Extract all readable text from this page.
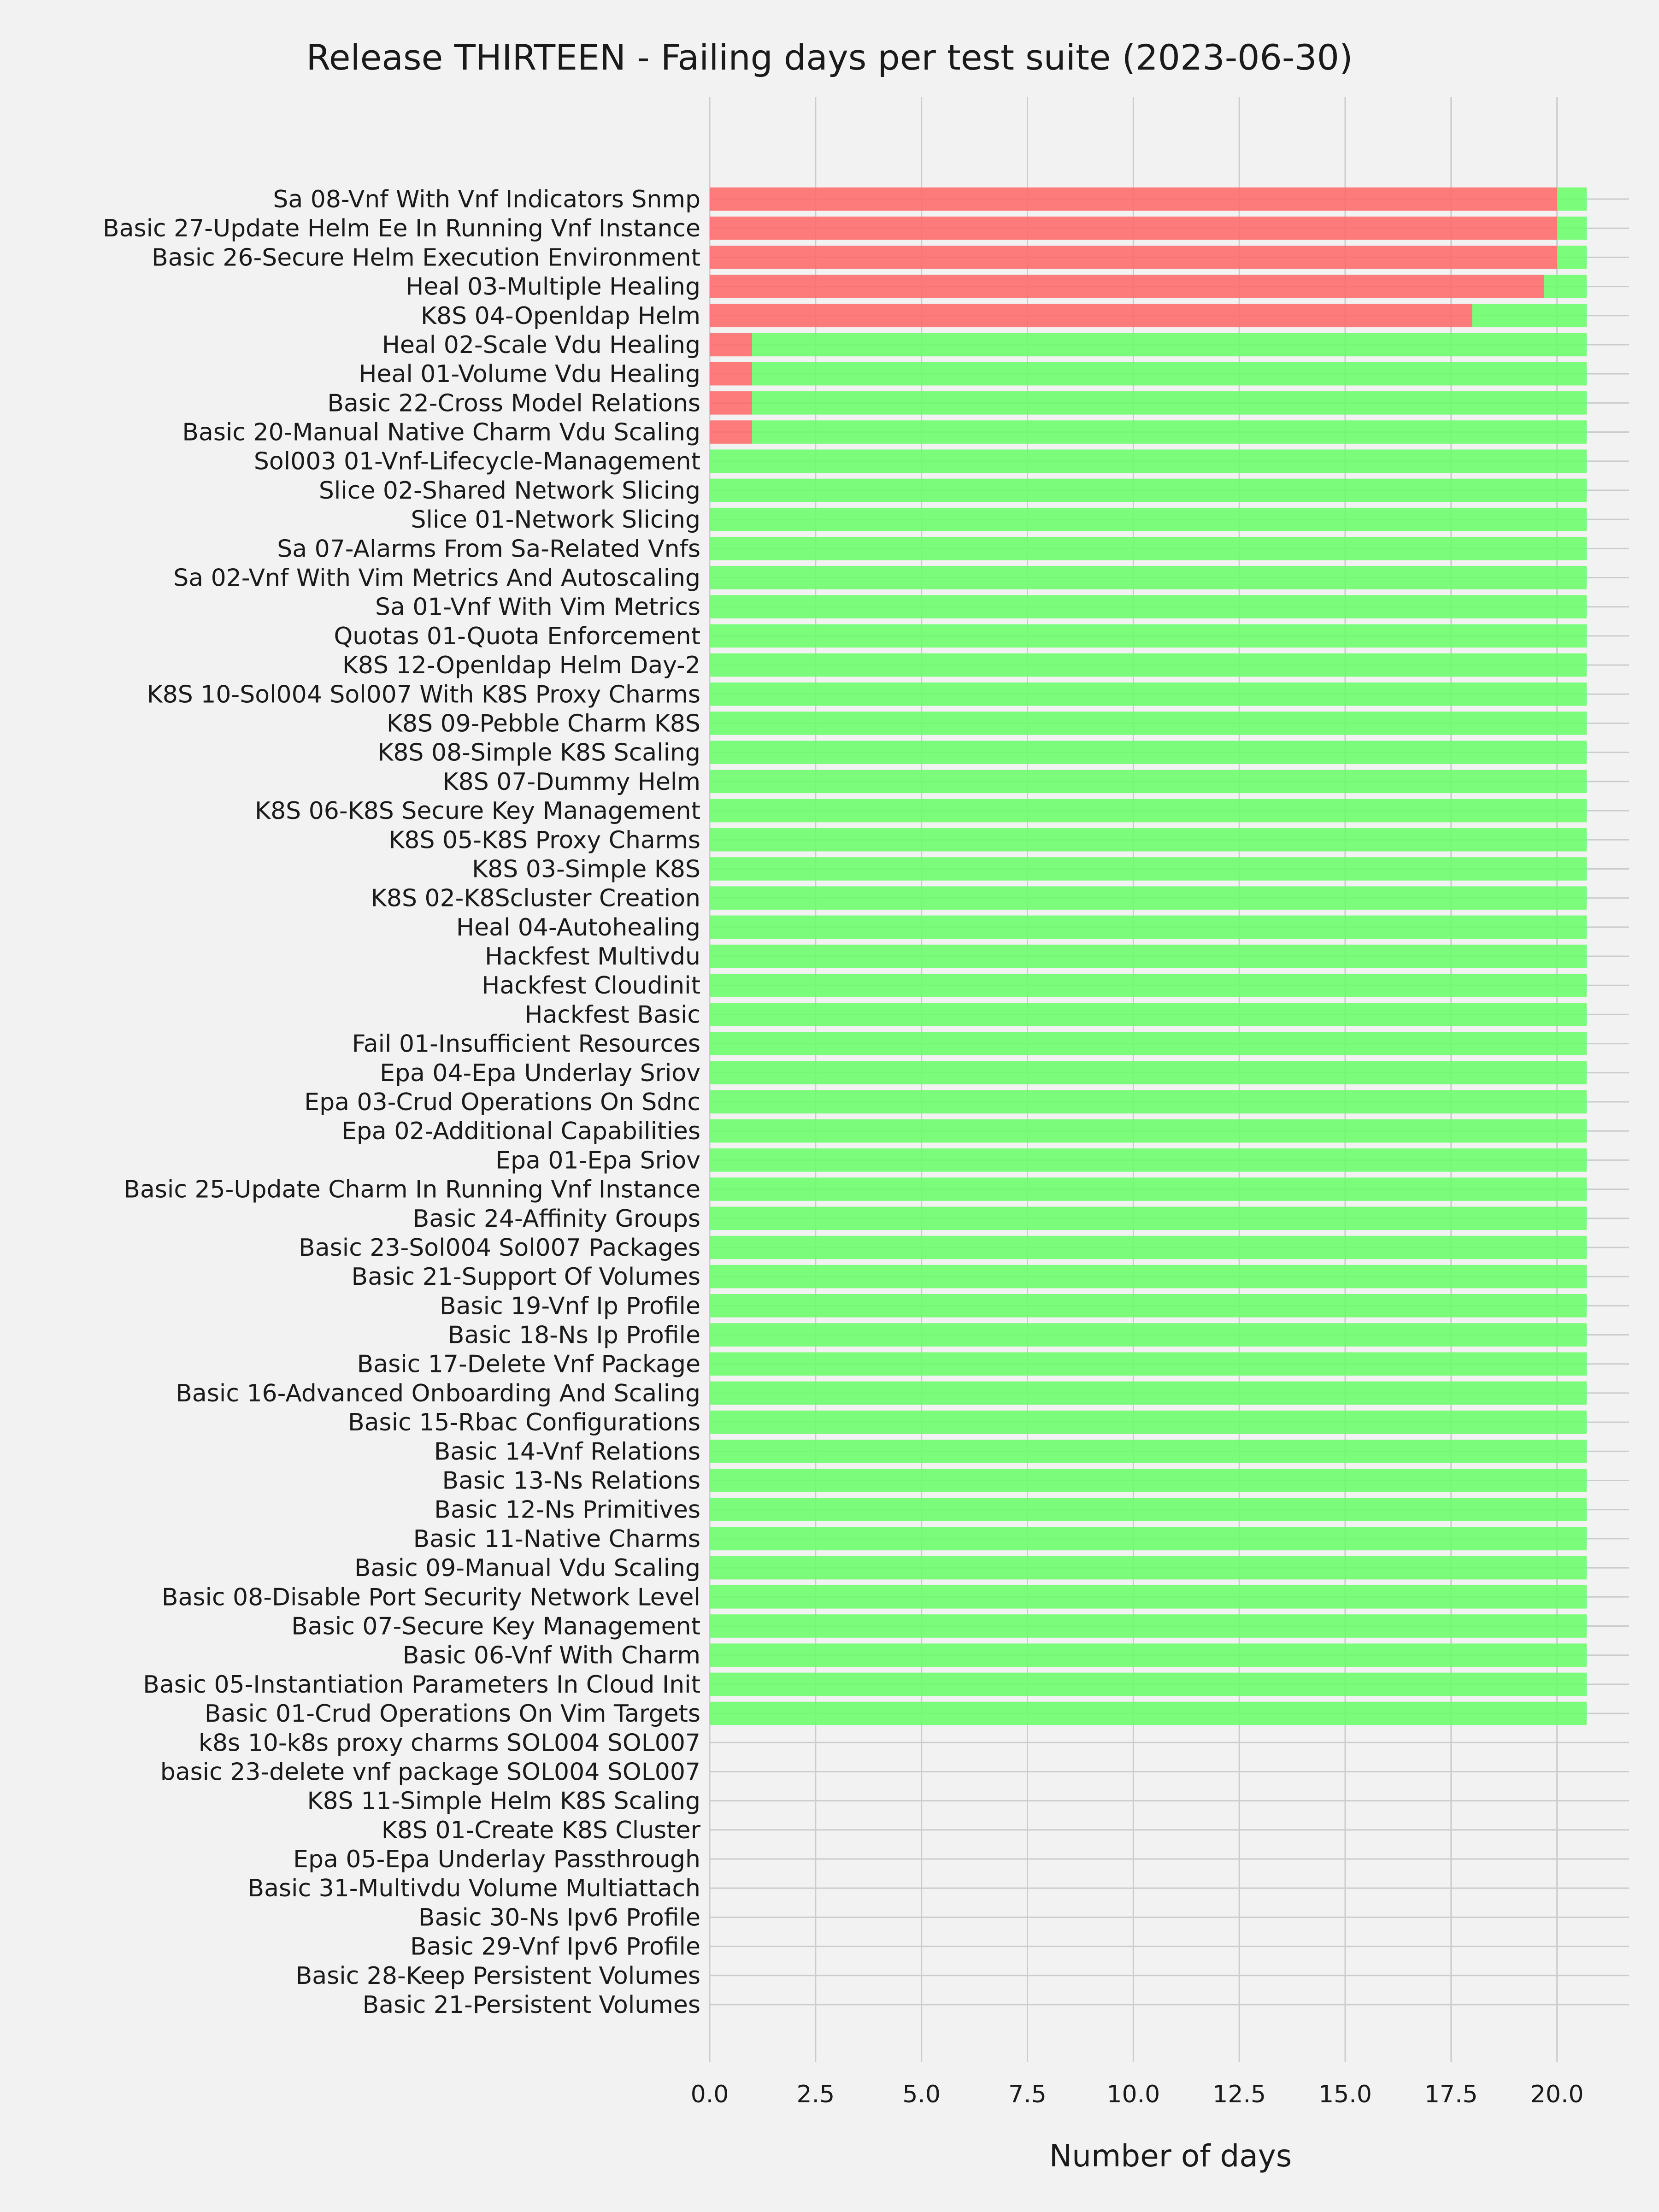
Release THIRTEEN - Failing days per test suite (2023-06-30)
0.0	2.5	5.0	7.5	10.0 12.5 15.0 17.5 20.0
Sa 08-Vnf With Vnf Indicators Snmp
Basic 27-Update Helm Ee In Running Vnf Instance
Basic 26-Secure Helm Execution Environment
Heal 03-Multiple Healing
K8S 04-Openldap Helm
Heal 02-Scale Vdu Healing
Heal 01-Volume Vdu Healing
Basic 22-Cross Model Relations
Basic 20-Manual Native Charm Vdu Scaling
Sol003 01-Vnf-Lifecycle-Management
Slice 02-Shared Network Slicing
Slice 01-Network Slicing
Sa 07-Alarms From Sa-Related Vnfs
Sa 02-Vnf With Vim Metrics And Autoscaling
Sa 01-Vnf With Vim Metrics
Quotas 01-Quota Enforcement
K8S 12-Openldap Helm Day-2
K8S 10-Sol004 Sol007 With K8S Proxy Charms
K8S 09-Pebble Charm K8S
K8S 08-Simple K8S Scaling
K8S 07-Dummy Helm
K8S 06-K8S Secure Key Management
K8S 05-K8S Proxy Charms
K8S 03-Simple K8S
K8S 02-K8Scluster Creation
Heal 04-Autohealing
Hackfest Multivdu
Hackfest Cloudinit
Hackfest Basic
Fail 01-Insufficient Resources
Epa 04-Epa Underlay Sriov
Epa 03-Crud Operations On Sdnc
Epa 02-Additional Capabilities
Epa 01-Epa Sriov
Basic 25-Update Charm In Running Vnf Instance
Basic 24-Affinity Groups
Basic 23-Sol004 Sol007 Packages
Basic 21-Support Of Volumes
Basic 19-Vnf Ip Profile
Basic 18-Ns Ip Profile
Basic 17-Delete Vnf Package
Basic 16-Advanced Onboarding And Scaling
Basic 15-Rbac Configurations
Basic 14-Vnf Relations
Basic 13-Ns Relations
Basic 12-Ns Primitives
Basic 11-Native Charms
Basic 09-Manual Vdu Scaling
Basic 08-Disable Port Security Network Level
Basic 07-Secure Key Management
Basic 06-Vnf With Charm
Basic 05-Instantiation Parameters In Cloud Init
Basic 01-Crud Operations On Vim Targets
k8s 10-k8s proxy charms SOL004 SOL007
basic 23-delete vnf package SOL004 SOL007
K8S 11-Simple Helm K8S Scaling
K8S 01-Create K8S Cluster
Epa 05-Epa Underlay Passthrough
Basic 31-Multivdu Volume Multiattach
Basic 30-Ns Ipv6 Profile
Basic 29-Vnf Ipv6 Profile
Basic 28-Keep Persistent Volumes
Basic 21-Persistent Volumes
Number of days
